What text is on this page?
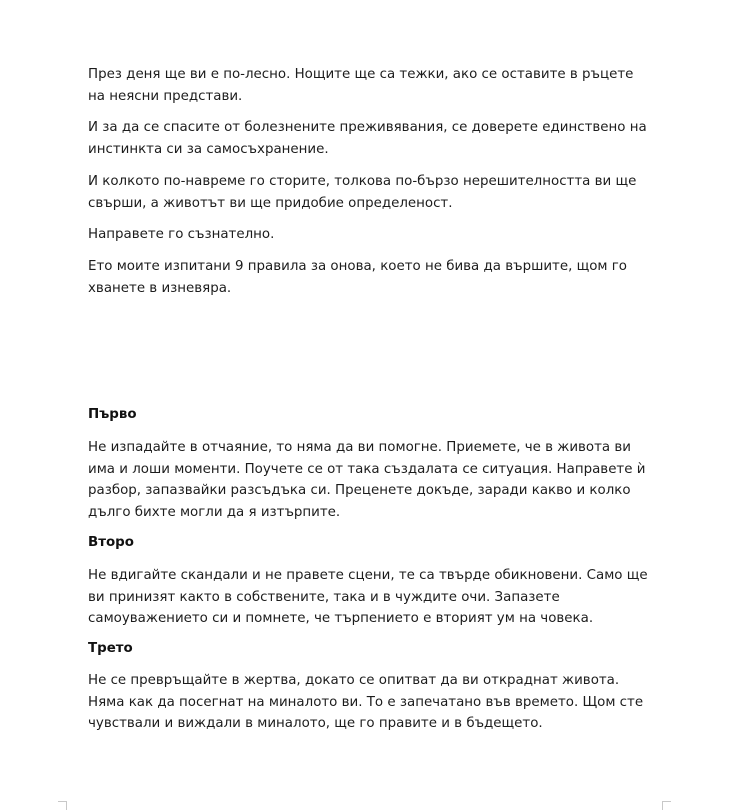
През деня ще ви е по-лесно. Нощите ще са тежки, ако се оставите в ръцете на неясни представи.

И за да се спасите от болезнените преживявания, се доверете единствено на инстинкта си за самосъхранение.

И колкото по-навреме го сторите, толкова по-бързо нерешителността ви ще свърши, а животът ви ще придобие определеност.

Направете го съзнателно.

Ето моите изпитани 9 правила за онова, което не бива да вършите, щом го хванете в изневяра.

Първо

Не изпадайте в отчаяние, то няма да ви помогне. Приемете, че в живота ви има и лоши моменти. Поучете се от така създалата се ситуация. Направете ѝ разбор, запазвайки разсъдъка си. Преценете докъде, заради какво и колко дълго бихте могли да я изтърпите.

Второ

Не вдигайте скандали и не правете сцени, те са твърде обикновени. Само ще ви принизят както в собствените, така и в чуждите очи. Запазете самоуважението си и помнете, че търпението е вторият ум на човека.

Трето

Не се превръщайте в жертва, докато се опитват да ви откраднат живота. Няма как да посегнат на миналото ви. То е запечатано във времето. Щом сте чувствали и виждали в миналото, ще го правите и в бъдещето.
